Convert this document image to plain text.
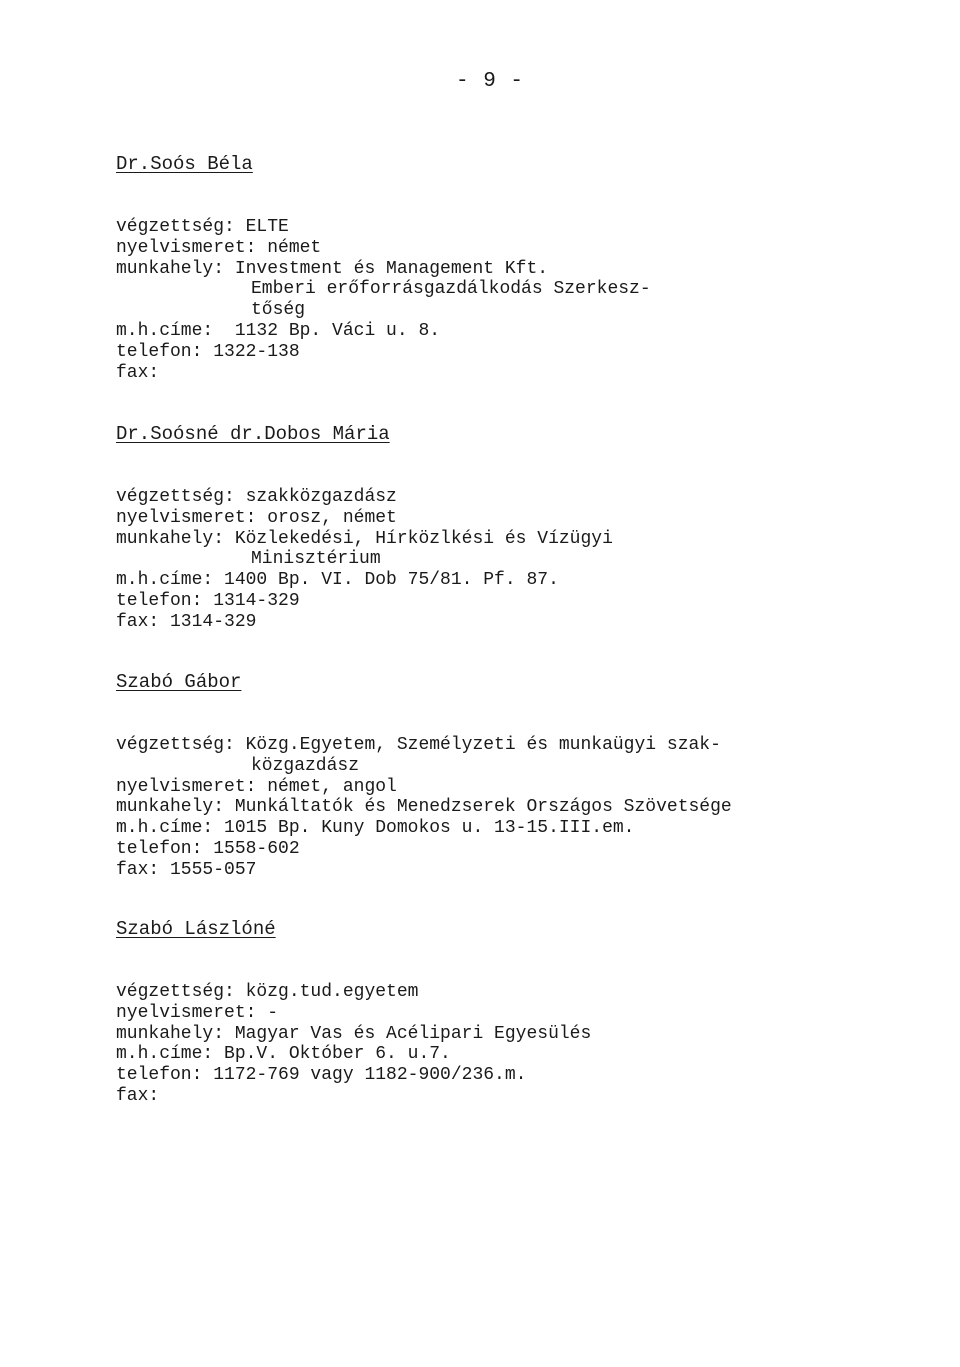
- 9 -
Dr.Soós Béla
végzettség: ELTE
nyelvismeret: német
munkahely: Investment és Management Kft.
Emberi erőforrásgazdálkodás Szerkesz-
tőség
m.h.címe:  1132 Bp. Váci u. 8.
telefon: 1322-138
fax:
Dr.Soósné dr.Dobos Mária
végzettség: szakközgazdász
nyelvismeret: orosz, német
munkahely: Közlekedési, Hírközlkési és Vízügyi
Minisztérium
m.h.címe: 1400 Bp. VI. Dob 75/81. Pf. 87.
telefon: 1314-329
fax: 1314-329
Szabó Gábor
végzettség: Közg.Egyetem, Személyzeti és munkaügyi szak-
közgazdász
nyelvismeret: német, angol
munkahely: Munkáltatók és Menedzserek Országos Szövetsége
m.h.címe: 1015 Bp. Kuny Domokos u. 13-15.III.em.
telefon: 1558-602
fax: 1555-057
Szabó Lászlóné
végzettség: közg.tud.egyetem
nyelvismeret: -
munkahely: Magyar Vas és Acélipari Egyesülés
m.h.címe: Bp.V. Október 6. u.7.
telefon: 1172-769 vagy 1182-900/236.m.
fax:
